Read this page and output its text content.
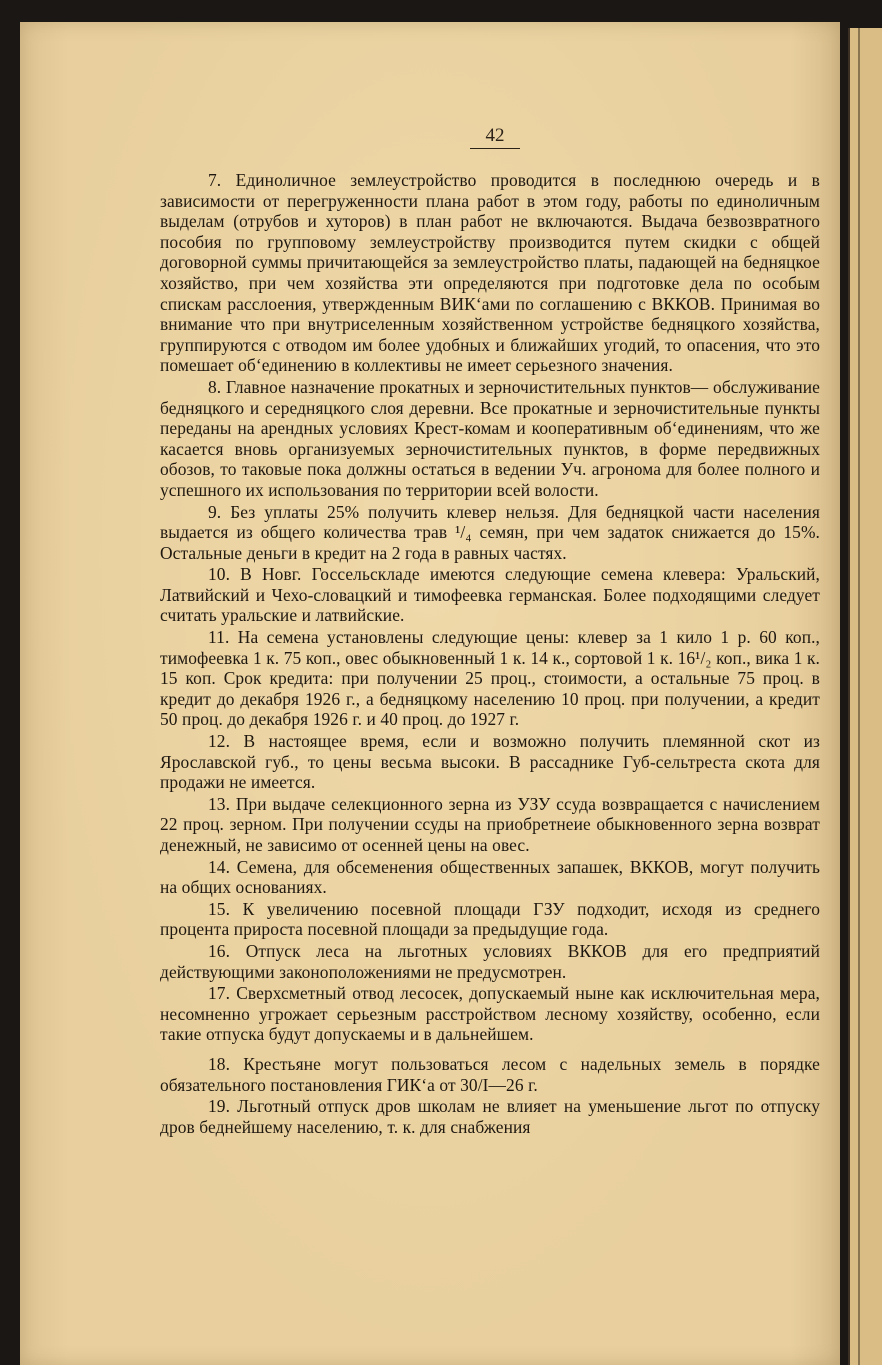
42

7. Единоличное землеустройство проводится в последнюю очередь и в зависимости от перегруженности плана работ в этом году, работы по единоличным выделам (отрубов и хуторов) в план работ не включаются. Выдача безвозвратного пособия по групповому землеустройству производится путем скидки с общей договорной суммы причитающейся за землеустройство платы, падающей на бедняцкое хозяйство, при чем хозяйства эти определяются при подготовке дела по особым спискам расслоения, утвержденным ВИК‘ами по соглашению с ВККОВ. Принимая во внимание что при внутриселенным хозяйственном устройстве бедняцкого хозяйства, группируются с отводом им более удобных и ближайших угодий, то опасения, что это помешает об‘единению в коллективы не имеет серьезного значения.

8. Главное назначение прокатных и зерночистительных пунктов— обслуживание бедняцкого и середняцкого слоя деревни. Все прокатные и зерночистительные пункты переданы на арендных условиях Крест-комам и кооперативным об‘единениям, что же касается вновь организуемых зерночистительных пунктов, в форме передвижных обозов, то таковые пока должны остаться в ведении Уч. агронома для более полного и успешного их использования по территории всей волости.

9. Без уплаты 25% получить клевер нельзя. Для бедняцкой части населения выдается из общего количества трав ¹/₄ семян, при чем задаток снижается до 15%. Остальные деньги в кредит на 2 года в равных частях.

10. В Новг. Госсельскладе имеются следующие семена клевера: Уральский, Латвийский и Чехо-словацкий и тимофеевка германская. Более подходящими следует считать уральские и латвийские.

11. На семена установлены следующие цены: клевер за 1 кило 1 р. 60 коп., тимофеевка 1 к. 75 коп., овес обыкновенный 1 к. 14 к., сортовой 1 к. 16¹/₂ коп., вика 1 к. 15 коп. Срок кредита: при получении 25 проц., стоимости, а остальные 75 проц. в кредит до декабря 1926 г., а бедняцкому населению 10 проц. при получении, а кредит 50 проц. до декабря 1926 г. и 40 проц. до 1927 г.

12. В настоящее время, если и возможно получить племянной скот из Ярославской губ., то цены весьма высоки. В рассаднике Губ-сельтреста скота для продажи не имеется.

13. При выдаче селекционного зерна из УЗУ ссуда возвращается с начислением 22 проц. зерном. При получении ссуды на приобретнеие обыкновенного зерна возврат денежный, не зависимо от осенней цены на овес.

14. Семена, для обсеменения общественных запашек, ВККОВ, могут получить на общих основаниях.

15. К увеличению посевной площади ГЗУ подходит, исходя из среднего процента прироста посевной площади за предыдущие года.

16. Отпуск леса на льготных условиях ВККОВ для его предприятий действующими законоположениями не предусмотрен.

17. Сверхсметный отвод лесосек, допускаемый ныне как исключительная мера, несомненно угрожает серьезным расстройством лесному хозяйству, особенно, если такие отпуска будут допускаемы и в дальнейшем.

18. Крестьяне могут пользоваться лесом с надельных земель в порядке обязательного постановления ГИК‘а от 30/I—26 г.

19. Льготный отпуск дров школам не влияет на уменьшение льгот по отпуску дров беднейшему населению, т. к. для снабжения
